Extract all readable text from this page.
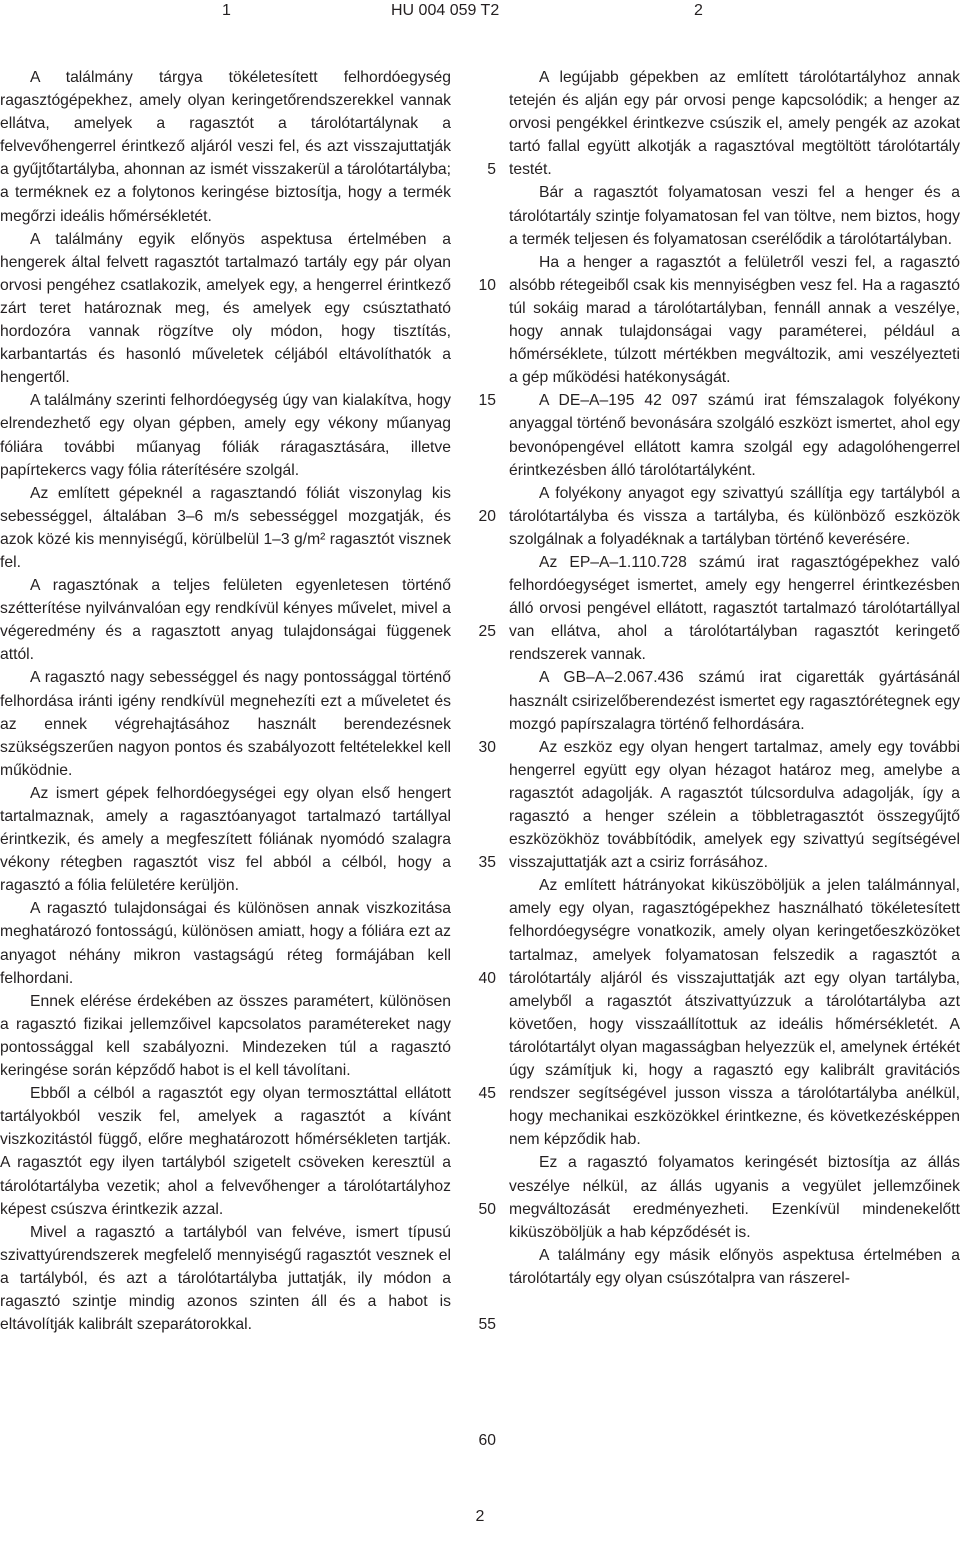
1	HU 004 059 T2	2

A találmány tárgya tökéletesített felhordóegység ragasztógépekhez, amely olyan keringetőrendszerekkel vannak ellátva, amelyek a ragasztót a tárolótartálynak a felvevőhengerrel érintkező aljáról veszi fel, és azt visszajuttatják a gyűjtőtartályba, ahonnan az ismét visszakerül a tárolótartályba; a terméknek ez a folytonos keringése biztosítja, hogy a termék megőrzi ideális hőmérsékletét.

A találmány egyik előnyös aspektusa értelmében a hengerek által felvett ragasztót tartalmazó tartály egy pár olyan orvosi pengéhez csatlakozik, amelyek egy, a hengerrel érintkező zárt teret határoznak meg, és amelyek egy csúsztatható hordozóra vannak rögzítve oly módon, hogy tisztítás, karbantartás és hasonló műveletek céljából eltávolíthatók a hengertől.

A találmány szerinti felhordóegység úgy van kialakítva, hogy elrendezhető egy olyan gépben, amely egy vékony műanyag fóliára további műanyag fóliák ráragasztására, illetve papírtekercs vagy fólia ráterítésére szolgál.

Az említett gépeknél a ragasztandó fóliát viszonylag kis sebességgel, általában 3–6 m/s sebességgel mozgatják, és azok közé kis mennyiségű, körülbelül 1–3 g/m² ragasztót visznek fel.

A ragasztónak a teljes felületen egyenletesen történő szétterítése nyilvánvalóan egy rendkívül kényes művelet, mivel a végeredmény és a ragasztott anyag tulajdonságai függenek attól.

A ragasztó nagy sebességgel és nagy pontossággal történő felhordása iránti igény rendkívül megnehezíti ezt a műveletet és az ennek végrehajtásához használt berendezésnek szükségszerűen nagyon pontos és szabályozott feltételekkel kell működnie.

Az ismert gépek felhordóegységei egy olyan első hengert tartalmaznak, amely a ragasztóanyagot tartalmazó tartállyal érintkezik, és amely a megfeszített fóliának nyomódó szalagra vékony rétegben ragasztót visz fel abból a célból, hogy a ragasztó a fólia felületére kerüljön.

A ragasztó tulajdonságai és különösen annak viszkozitása meghatározó fontosságú, különösen amiatt, hogy a fóliára ezt az anyagot néhány mikron vastagságú réteg formájában kell felhordani.

Ennek elérése érdekében az összes paramétert, különösen a ragasztó fizikai jellemzőivel kapcsolatos paramétereket nagy pontossággal kell szabályozni. Mindezeken túl a ragasztó keringése során képződő habot is el kell távolítani.

Ebből a célból a ragasztót egy olyan termosztáttal ellátott tartályokból veszik fel, amelyek a ragasztót a kívánt viszkozitástól függő, előre meghatározott hőmérsékleten tartják. A ragasztót egy ilyen tartályból szigetelt csöveken keresztül a tárolótartályba vezetik; ahol a felvevőhenger a tárolótartályhoz képest csúszva érintkezik azzal.

Mivel a ragasztó a tartályból van felvéve, ismert típusú szivattyúrendszerek megfelelő mennyiségű ragasztót vesznek el a tartályból, és azt a tárolótartályba juttatják, ily módon a ragasztó szintje mindig azonos szinten áll és a habot is eltávolítják kalibrált szeparátorokkal.

5
10
15
20
25
30
35
40
45
50
55
60

A legújabb gépekben az említett tárolótartályhoz annak tetején és alján egy pár orvosi penge kapcsolódik; a henger az orvosi pengékkel érintkezve csúszik el, amely pengék az azokat tartó fallal együtt alkotják a ragasztóval megtöltött tárolótartály testét.

Bár a ragasztót folyamatosan veszi fel a henger és a tárolótartály szintje folyamatosan fel van töltve, nem biztos, hogy a termék teljesen és folyamatosan cserélődik a tárolótartályban.

Ha a henger a ragasztót a felületről veszi fel, a ragasztó alsóbb rétegeiből csak kis mennyiségben vesz fel. Ha a ragasztó túl sokáig marad a tárolótartályban, fennáll annak a veszélye, hogy annak tulajdonságai vagy paraméterei, például a hőmérséklete, túlzott mértékben megváltozik, ami veszélyezteti a gép működési hatékonyságát.

A DE–A–195 42 097 számú irat fémszalagok folyékony anyaggal történő bevonására szolgáló eszközt ismertet, ahol egy bevonópengével ellátott kamra szolgál egy adagolóhengerrel érintkezésben álló tárolótartályként.

A folyékony anyagot egy szivattyú szállítja egy tartályból a tárolótartályba és vissza a tartályba, és különböző eszközök szolgálnak a folyadéknak a tartályban történő keverésére.

Az EP–A–1.110.728 számú irat ragasztógépekhez való felhordóegységet ismertet, amely egy hengerrel érintkezésben álló orvosi pengével ellátott, ragasztót tartalmazó tárolótartállyal van ellátva, ahol a tárolótartályban ragasztót keringető rendszerek vannak.

A GB–A–2.067.436 számú irat cigaretták gyártásánál használt csirizelőberendezést ismertet egy ragasztórétegnek egy mozgó papírszalagra történő felhordására.

Az eszköz egy olyan hengert tartalmaz, amely egy további hengerrel együtt egy olyan hézagot határoz meg, amelybe a ragasztót adagolják. A ragasztót túlcsordulva adagolják, így a ragasztó a henger szélein a többletragasztót összegyűjtő eszközökhöz továbbítódik, amelyek egy szivattyú segítségével visszajuttatják azt a csiriz forrásához.

Az említett hátrányokat kiküszöböljük a jelen találmánnyal, amely egy olyan, ragasztógépekhez használható tökéletesített felhordóegységre vonatkozik, amely olyan keringetőeszközöket tartalmaz, amelyek folyamatosan felszedik a ragasztót a tárolótartály aljáról és visszajuttatják azt egy olyan tartályba, amelyből a ragasztót átszivattyúzzuk a tárolótartályba azt követően, hogy visszaállítottuk az ideális hőmérsékletét. A tárolótartályt olyan magasságban helyezzük el, amelynek értékét úgy számítjuk ki, hogy a ragasztó egy kalibrált gravitációs rendszer segítségével jusson vissza a tárolótartályba anélkül, hogy mechanikai eszközökkel érintkezne, és következésképpen nem képződik hab.

Ez a ragasztó folyamatos keringését biztosítja az állás veszélye nélkül, az állás ugyanis a vegyület jellemzőinek megváltozását eredményezheti. Ezenkívül mindenekelőtt kiküszöböljük a hab képződését is.

A találmány egy másik előnyös aspektusa értelmében a tárolótartály egy olyan csúszótalpra van rászerel-

2
